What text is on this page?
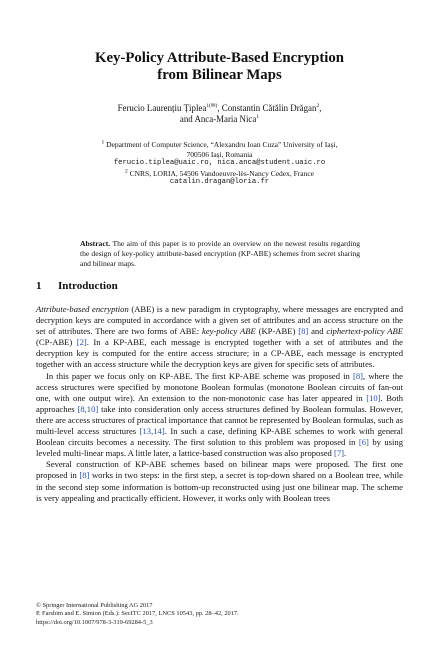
Key-Policy Attribute-Based Encryption
from Bilinear Maps
Ferucio Laurențiu Țiplea$^{1(✉)}$, Constantin Cătălin Drăgan$^2$,
and Anca-Maria Nica$^1$
$^1$ Department of Computer Science, “Alexandru Ioan Cuza” University of Iași,
700506 Iași, Romania
ferucio.tiplea@uaic.ro, nica.anca@student.uaic.ro
$^2$ CNRS, LORIA, 54506 Vandoeuvre-lès-Nancy Cedex, France
catalin.dragan@loria.fr
Abstract. The aim of this paper is to provide an overview on the newest results regarding the design of key-policy attribute-based encryption (KP-ABE) schemes from secret sharing and bilinear maps.
1 Introduction

Attribute-based encryption (ABE) is a new paradigm in cryptography, where messages are encrypted and decryption keys are computed in accordance with a given set of attributes and an access structure on the set of attributes. There are two forms of ABE: key-policy ABE (KP-ABE) [8] and ciphertext-policy ABE (CP-ABE) [2]. In a KP-ABE, each message is encrypted together with a set of attributes and the decryption key is computed for the entire access structure; in a CP-ABE, each message is encrypted together with an access structure while the decryption keys are given for specific sets of attributes.

In this paper we focus only on KP-ABE. The first KP-ABE scheme was proposed in [8], where the access structures were specified by monotone Boolean formulas (monotone Boolean circuits of fan-out one, with one output wire). An extension to the non-monotonic case has later appeared in [10]. Both approaches [8,10] take into consideration only access structures defined by Boolean formulas. However, there are access structures of practical importance that cannot be represented by Boolean formulas, such as multi-level access structures [13,14]. In such a case, defining KP-ABE schemes to work with general Boolean circuits becomes a necessity. The first solution to this problem was proposed in [6] by using leveled multi-linear maps. A little later, a lattice-based construction was also proposed [7].

Several construction of KP-ABE schemes based on bilinear maps were proposed. The first one proposed in [8] works in two steps: in the first step, a secret is top-down shared on a Boolean tree, while in the second step some information is bottom-up reconstructed using just one bilinear map. The scheme is very appealing and practically efficient. However, it works only with Boolean trees

© Springer International Publishing AG 2017
P. Farshim and E. Simion (Eds.): SecITC 2017, LNCS 10543, pp. 28–42, 2017.
https://doi.org/10.1007/978-3-319-69284-5_3
